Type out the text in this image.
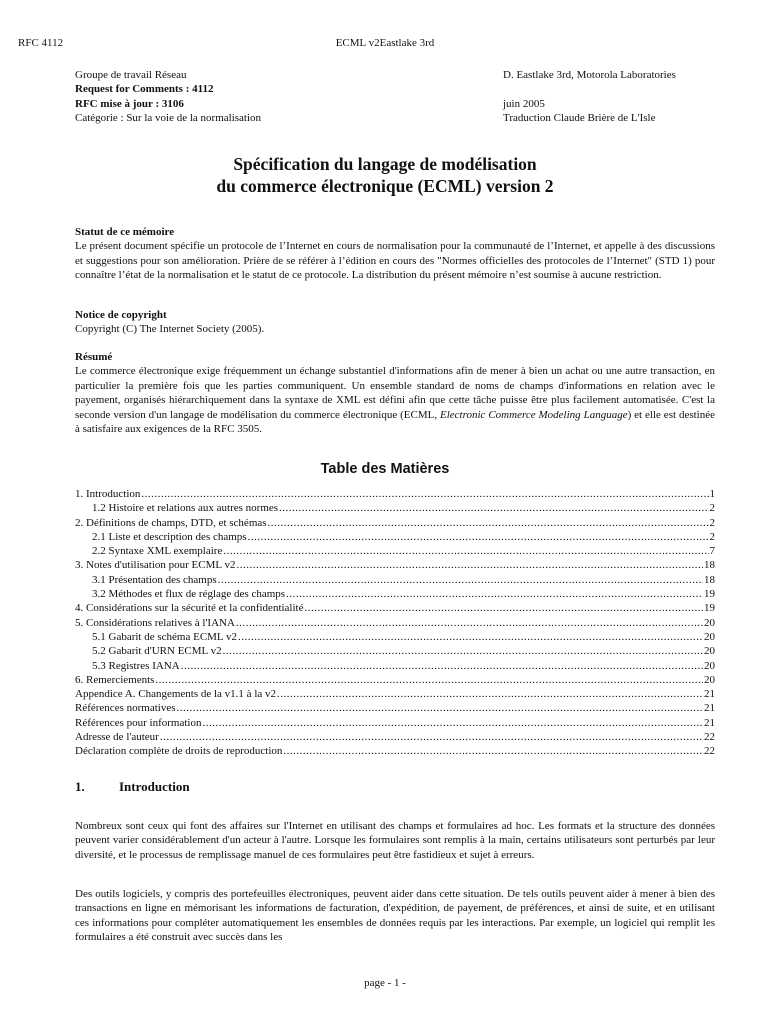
RFC 4112	ECML v2Eastlake 3rd
Groupe de travail Réseau
Request for Comments : 4112
RFC mise à jour : 3106
Catégorie : Sur la voie de la normalisation
D. Eastlake 3rd, Motorola Laboratories
juin 2005
Traduction Claude Brière de L'Isle
Spécification du langage de modélisation
du commerce électronique (ECML) version 2
Statut de ce mémoire

Le présent document spécifie un protocole de l’Internet en cours de normalisation pour la communauté de l’Internet, et appelle à des discussions et suggestions pour son amélioration. Prière de se référer à l’édition en cours des "Normes officielles des protocoles de l’Internet" (STD 1) pour connaître l’état de la normalisation et le statut de ce protocole. La distribution du présent mémoire n’est soumise à aucune restriction.

Notice de copyright

Copyright (C) The Internet Society (2005).

Résumé

Le commerce électronique exige fréquemment un échange substantiel d'informations afin de mener à bien un achat ou une autre transaction, en particulier la première fois que les parties communiquent. Un ensemble standard de noms de champs d'informations en relation avec le payement, organisés hiérarchiquement dans la syntaxe de XML est défini afin que cette tâche puisse être plus facilement automatisée. C'est la seconde version d'un langage de modélisation du commerce électronique (ECML, Electronic Commerce Modeling Language) et elle est destinée à satisfaire aux exigences de la RFC 3505.

Table des Matières
1. Introduction .....	1
1.2 Histoire et relations aux autres normes .....	2
2. Définitions de champs, DTD, et schémas .....	2
2.1 Liste et description des champs .....	2
2.2 Syntaxe XML exemplaire .....	7
3. Notes d'utilisation pour ECML v2 .....	18
3.1 Présentation des champs .....	18
3.2 Méthodes et flux de réglage des champs .....	19
4. Considérations sur la sécurité et la confidentialité .....	19
5. Considérations relatives à l'IANA .....	20
5.1 Gabarit de schéma ECML v2 .....	20
5.2 Gabarit d'URN ECML v2 .....	20
5.3 Registres IANA .....	20
6. Remerciements .....	20
Appendice A. Changements de la v1.1 à la v2 .....	21
Références normatives .....	21
Références pour information .....	21
Adresse de l'auteur .....	22
Déclaration complète de droits de reproduction .....	22
1.	Introduction

Nombreux sont ceux qui font des affaires sur l'Internet en utilisant des champs et formulaires ad hoc. Les formats et la structure des données peuvent varier considérablement d'un acteur à l'autre. Lorsque les formulaires sont remplis à la main, certains utilisateurs sont perturbés par leur diversité, et le processus de remplissage manuel de ces formulaires peut être fastidieux et sujet à erreurs.

Des outils logiciels, y compris des portefeuilles électroniques, peuvent aider dans cette situation. De tels outils peuvent aider à mener à bien des transactions en ligne en mémorisant les informations de facturation, d'expédition, de payement, de préférences, et ainsi de suite, et en utilisant ces informations pour compléter automatiquement les ensembles de données requis par les interactions. Par exemple, un logiciel qui remplit les formulaires a été construit avec succès dans les

page - 1 -
